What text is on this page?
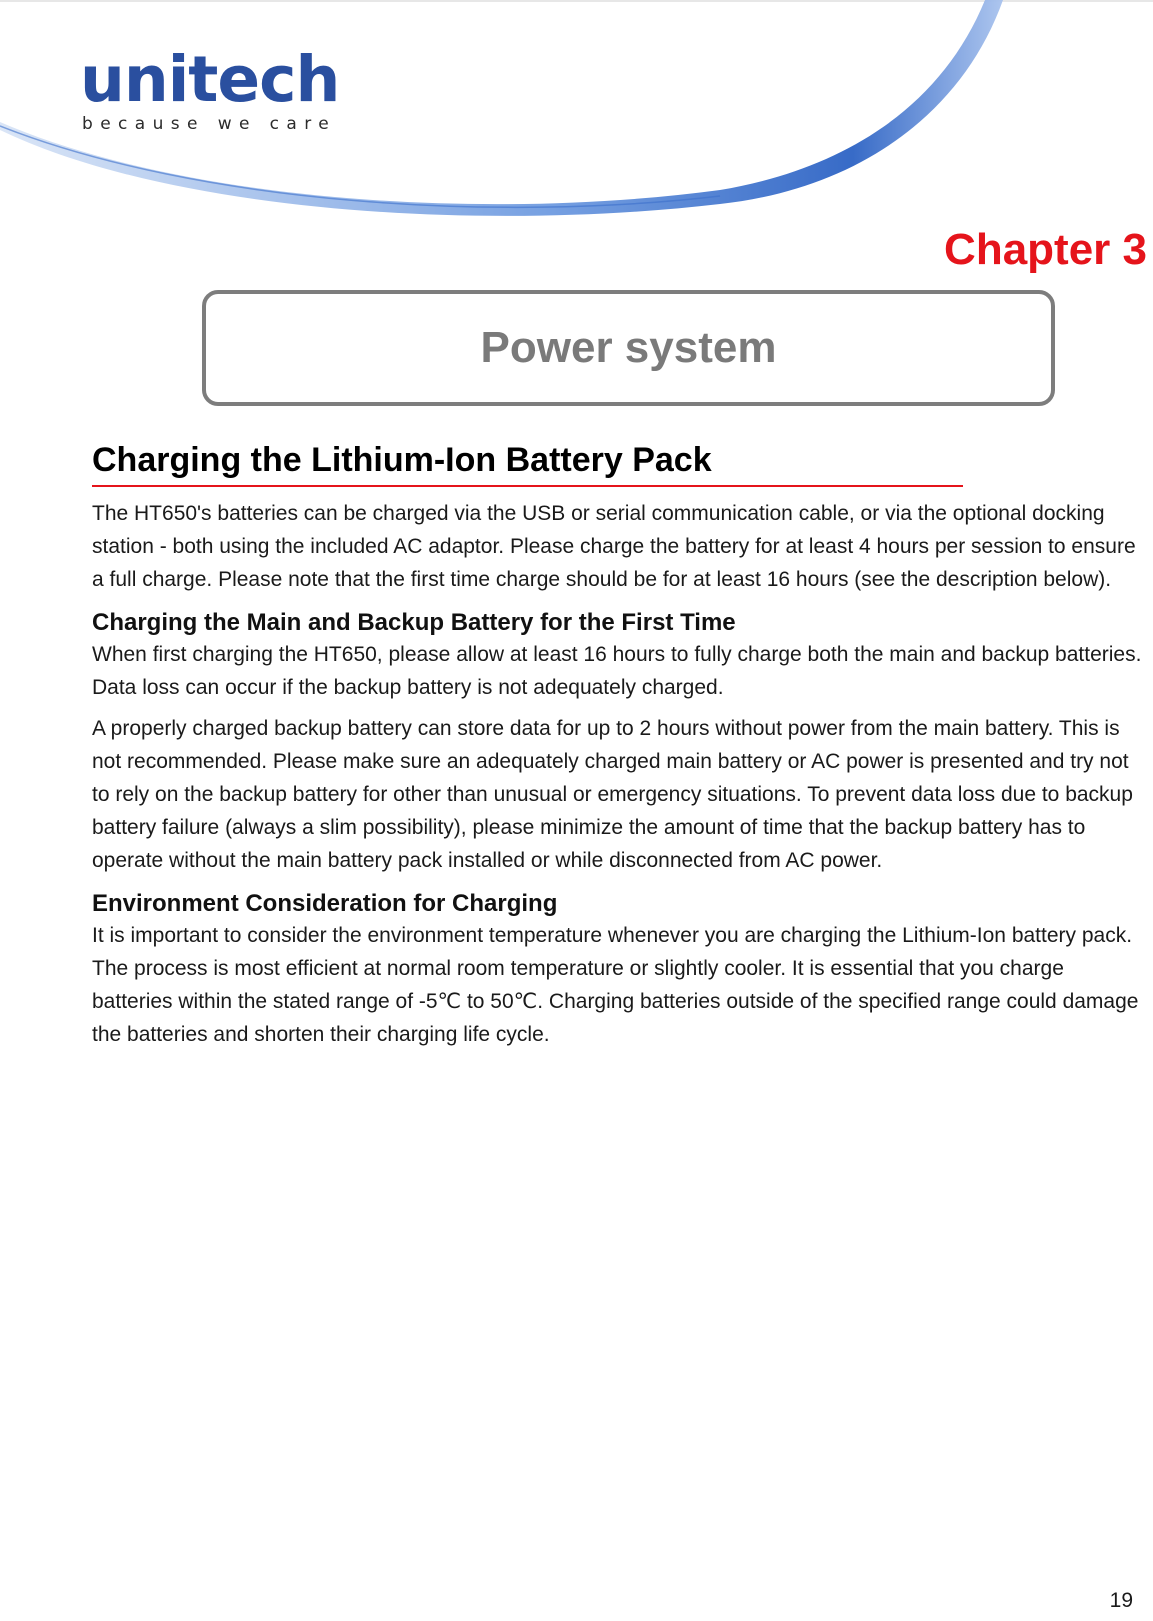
unitech
because we care
Chapter 3
Power system
Charging the Lithium-Ion Battery Pack

The HT650's batteries can be charged via the USB or serial communication cable, or via the optional docking station - both using the included AC adaptor. Please charge the battery for at least 4 hours per session to ensure a full charge. Please note that the first time charge should be for at least 16 hours (see the description below).

Charging the Main and Backup Battery for the First Time

When first charging the HT650, please allow at least 16 hours to fully charge both the main and backup batteries. Data loss can occur if the backup battery is not adequately charged.

A properly charged backup battery can store data for up to 2 hours without power from the main battery. This is not recommended. Please make sure an adequately charged main battery or AC power is presented and try not to rely on the backup battery for other than unusual or emergency situations. To prevent data loss due to backup battery failure (always a slim possibility), please minimize the amount of time that the backup battery has to operate without the main battery pack installed or while disconnected from AC power.

Environment Consideration for Charging

It is important to consider the environment temperature whenever you are charging the Lithium-Ion battery pack. The process is most efficient at normal room temperature or slightly cooler. It is essential that you charge batteries within the stated range of -5℃ to 50℃. Charging batteries outside of the specified range could damage the batteries and shorten their charging life cycle.

19
